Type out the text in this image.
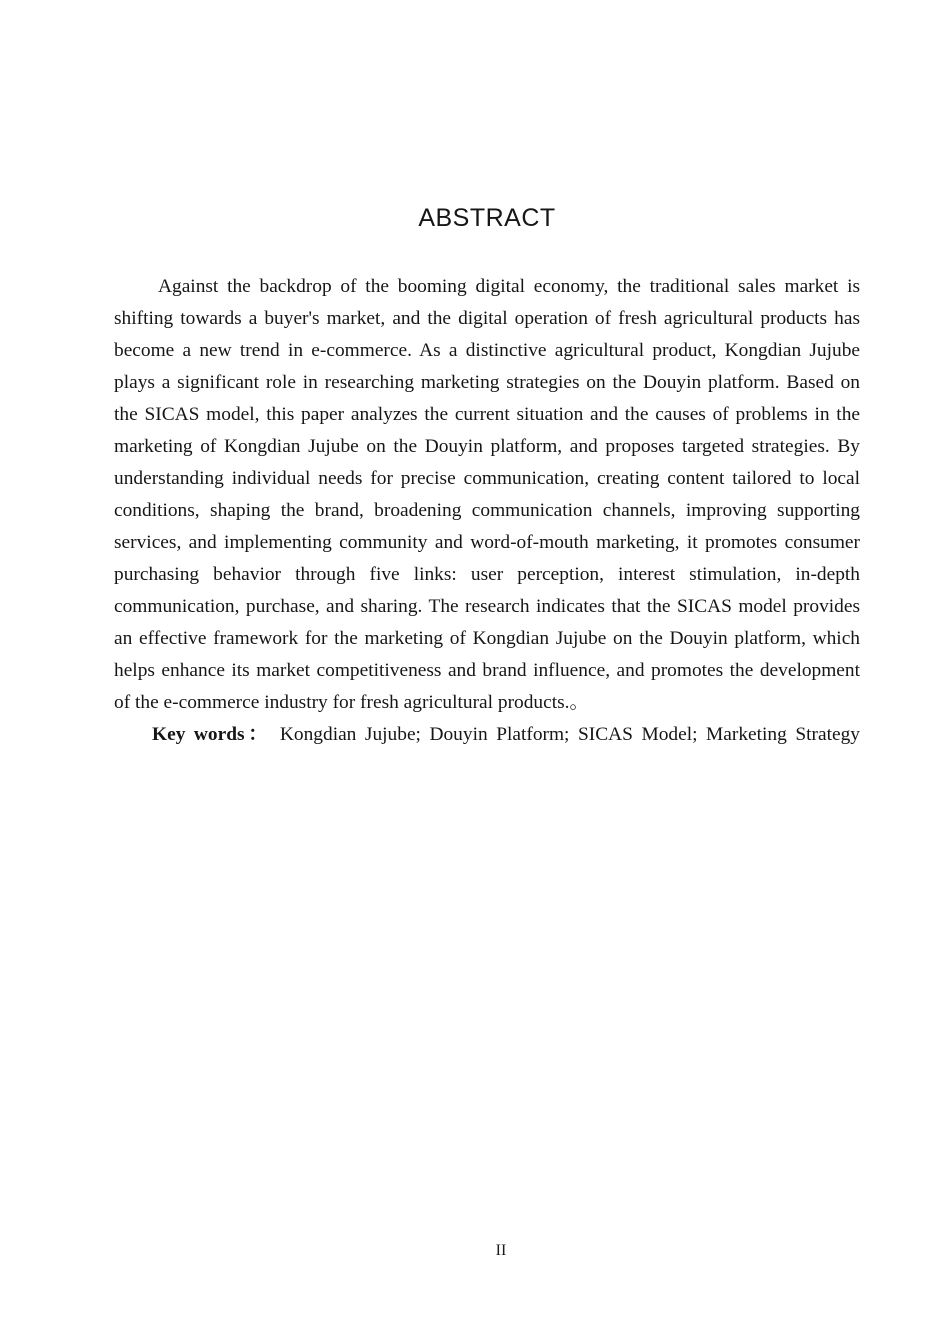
ABSTRACT

Against the backdrop of the booming digital economy, the traditional sales market is shifting towards a buyer's market, and the digital operation of fresh agricultural products has become a new trend in e-commerce. As a distinctive agricultural product, Kongdian Jujube plays a significant role in researching marketing strategies on the Douyin platform. Based on the SICAS model, this paper analyzes the current situation and the causes of problems in the marketing of Kongdian Jujube on the Douyin platform, and proposes targeted strategies. By understanding individual needs for precise communication, creating content tailored to local conditions, shaping the brand, broadening communication channels, improving supporting services, and implementing community and word-of-mouth marketing, it promotes consumer purchasing behavior through five links: user perception, interest stimulation, in-depth communication, purchase, and sharing. The research indicates that the SICAS model provides an effective framework for the marketing of Kongdian Jujube on the Douyin platform, which helps enhance its market competitiveness and brand influence, and promotes the development of the e-commerce industry for fresh agricultural products.。

Key words： Kongdian Jujube; Douyin Platform; SICAS Model; Marketing Strategy

II
